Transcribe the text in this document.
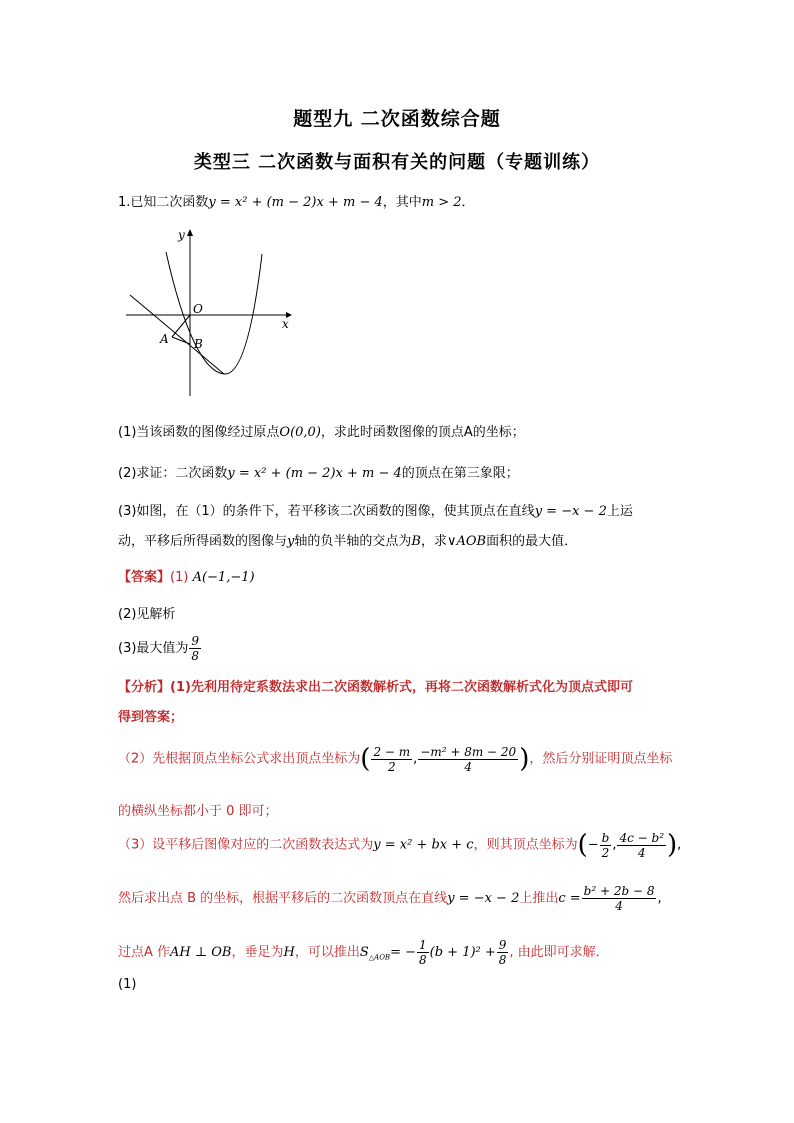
题型九 二次函数综合题
类型三 二次函数与面积有关的问题（专题训练）
1.已知二次函数y = x² + (m − 2)x + m − 4，其中m > 2．
y
x
O
A B
(1)当该函数的图像经过原点O(0,0)，求此时函数图像的顶点A的坐标；
(2)求证：二次函数y = x² + (m − 2)x + m − 4的顶点在第三象限；
(3)如图，在（1）的条件下，若平移该二次函数的图像，使其顶点在直线y = −x − 2上运
动，平移后所得函数的图像与y轴的负半轴的交点为B，求∨AOB面积的最大值．
【答案】(1) A(−1,−1)
(2)见解析
(3)最大值为 $\frac{9}{8}$
【分析】(1)先利用待定系数法求出二次函数解析式，再将二次函数解析式化为顶点式即可
得到答案；
（2）先根据顶点坐标公式求出顶点坐标为( $\frac{2 - m}{2}$ , $\frac{\text{−m² + 8m − 20}}{4}$ )，然后分别证明顶点坐标
的横纵坐标都小于 0 即可；
（3）设平移后图像对应的二次函数表达式为y = x² + bx + c，则其顶点坐标为(− $\frac{b}{2}$ , $\frac{\text{4c − b²}}{4}$ ),
然后求出点 B 的坐标，根据平移后的二次函数顶点在直线y = −x − 2上推出$c = \frac{\text{b² + 2b − 8}}{4}$ ,
过点A 作AH ⊥ OB，垂足为H，可以推出$S_{\triangle AOB}= - \frac{1}{8} (b + 1)^2 + \frac{9}{8}$ , 由此即可求解．
(1)
